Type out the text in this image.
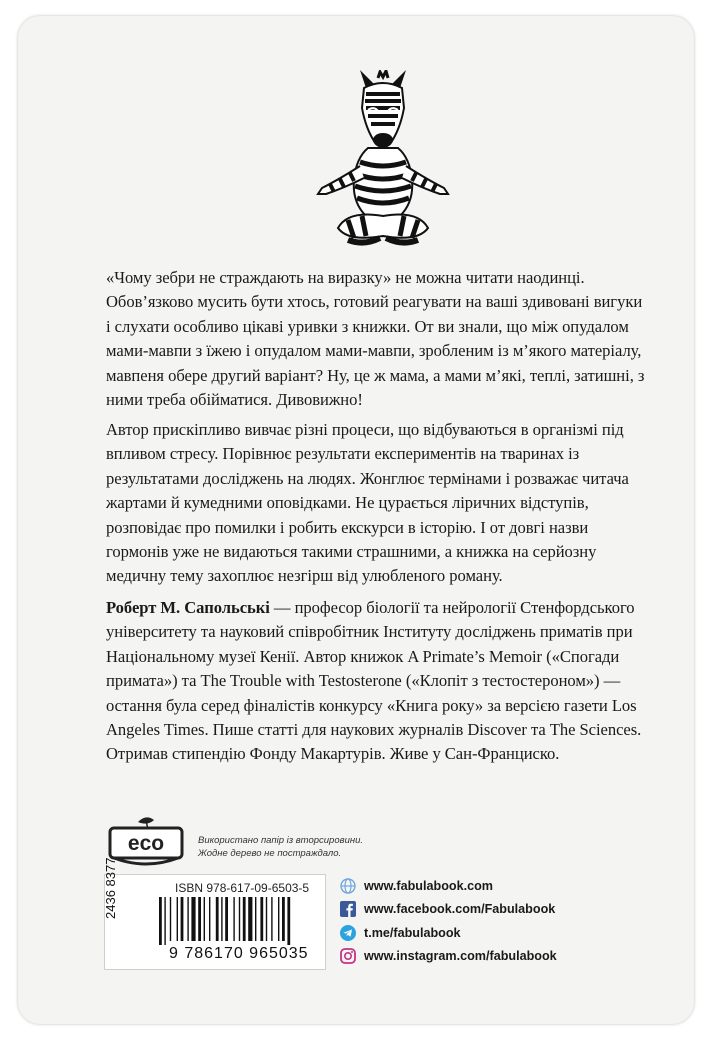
«Чому зебри не страждають на виразку» не можна читати наодинці. Обов’язково мусить бути хтось, готовий реагувати на ваші здивовані вигуки і слухати особливо цікаві уривки з книжки. От ви знали, що між опудалом мами-мавпи з їжею і опудалом мами-мавпи, зробленим із м’якого матеріалу, мавпеня обере другий варіант? Ну, це ж мама, а мами м’які, теплі, затишні, з ними треба обійматися. Дивовижно!

Автор прискіпливо вивчає різні процеси, що відбуваються в організмі під впливом стресу. Порівнює результати експериментів на тваринах із результатами досліджень на людях. Жонглює термінами і розважає читача жартами й кумедними оповідками. Не цурається ліричних відступів, розповідає про помилки і робить екскурси в історію. І от довгі назви гормонів уже не видаються такими страшними, а книжка на серйозну медичну тему захоплює незгірш від улюбленого роману.

Роберт М. Сапольські — професор біології та нейрології Стенфордського університету та науковий співробітник Інституту досліджень приматів при Національному музеї Кенії. Автор книжок A Primate’s Memoir («Спогади примата») та The Trouble with Testosterone («Клопіт з тестостероном») — остання була серед фіналістів конкурсу «Книга року» за версією газети Los Angeles Times. Пише статті для наукових журналів Discover та The Sciences. Отримав стипендію Фонду Макартурів. Живе у Сан-Франциско.

eco	Використано папір із вторсировини.
Жодне дерево не постраждало.
ISBN 978-617-09-6503-5
9 786170 965035
2436 8377	www.fabulabook.com
www.facebook.com/Fabulabook
t.me/fabulabook
www.instagram.com/fabulabook
